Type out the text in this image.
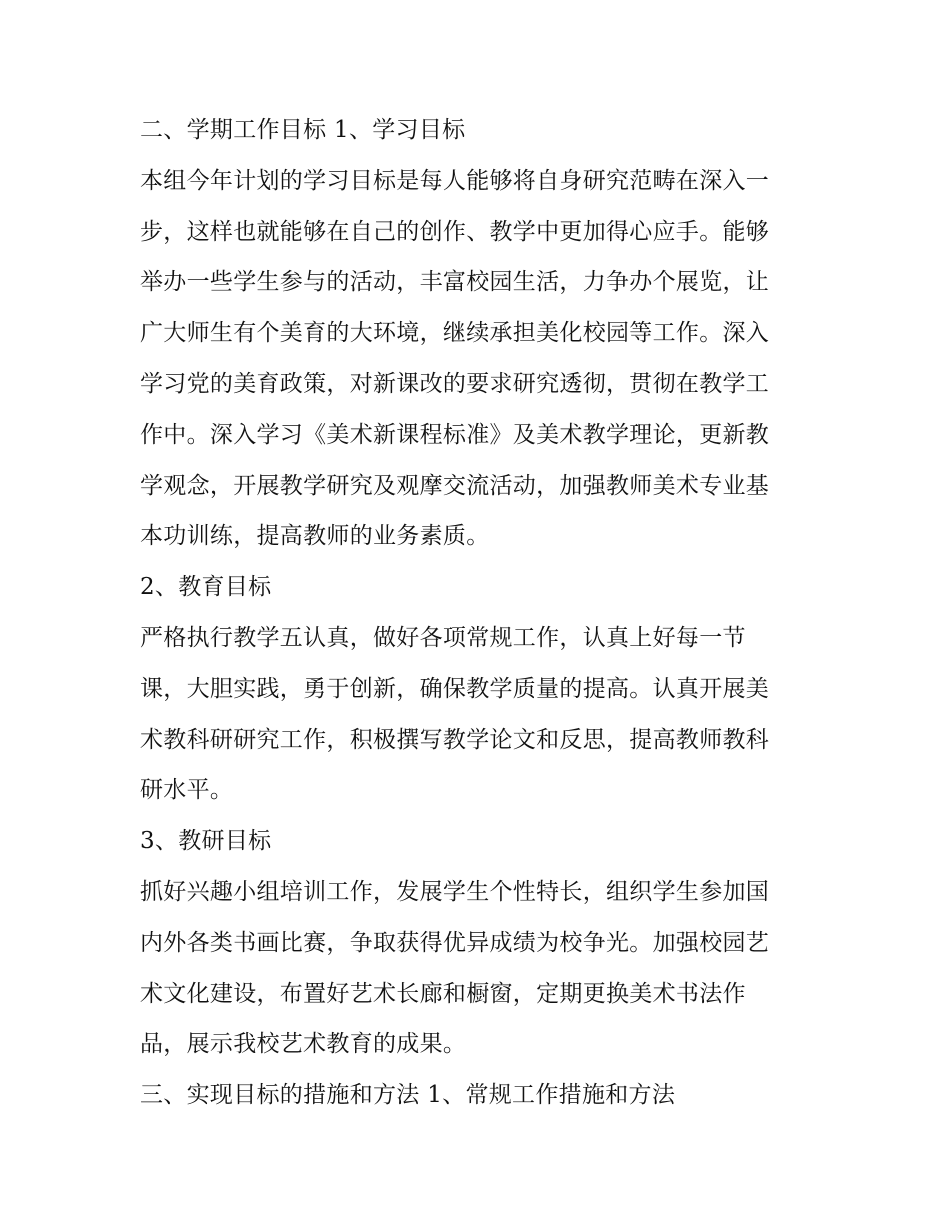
二、学期工作目标 1、学习目标
本组今年计划的学习目标是每人能够将自身研究范畴在深入一
步，这样也就能够在自己的创作、教学中更加得心应手。能够
举办一些学生参与的活动，丰富校园生活，力争办个展览，让
广大师生有个美育的大环境，继续承担美化校园等工作。深入
学习党的美育政策，对新课改的要求研究透彻，贯彻在教学工
作中。深入学习《美术新课程标准》及美术教学理论，更新教
学观念，开展教学研究及观摩交流活动，加强教师美术专业基
本功训练，提高教师的业务素质。
2、教育目标
严格执行教学五认真，做好各项常规工作，认真上好每一节
课，大胆实践，勇于创新，确保教学质量的提高。认真开展美
术教科研研究工作，积极撰写教学论文和反思，提高教师教科
研水平。
3、教研目标
抓好兴趣小组培训工作，发展学生个性特长，组织学生参加国
内外各类书画比赛，争取获得优异成绩为校争光。加强校园艺
术文化建设，布置好艺术长廊和橱窗，定期更换美术书法作
品，展示我校艺术教育的成果。
三、实现目标的措施和方法 1、常规工作措施和方法
